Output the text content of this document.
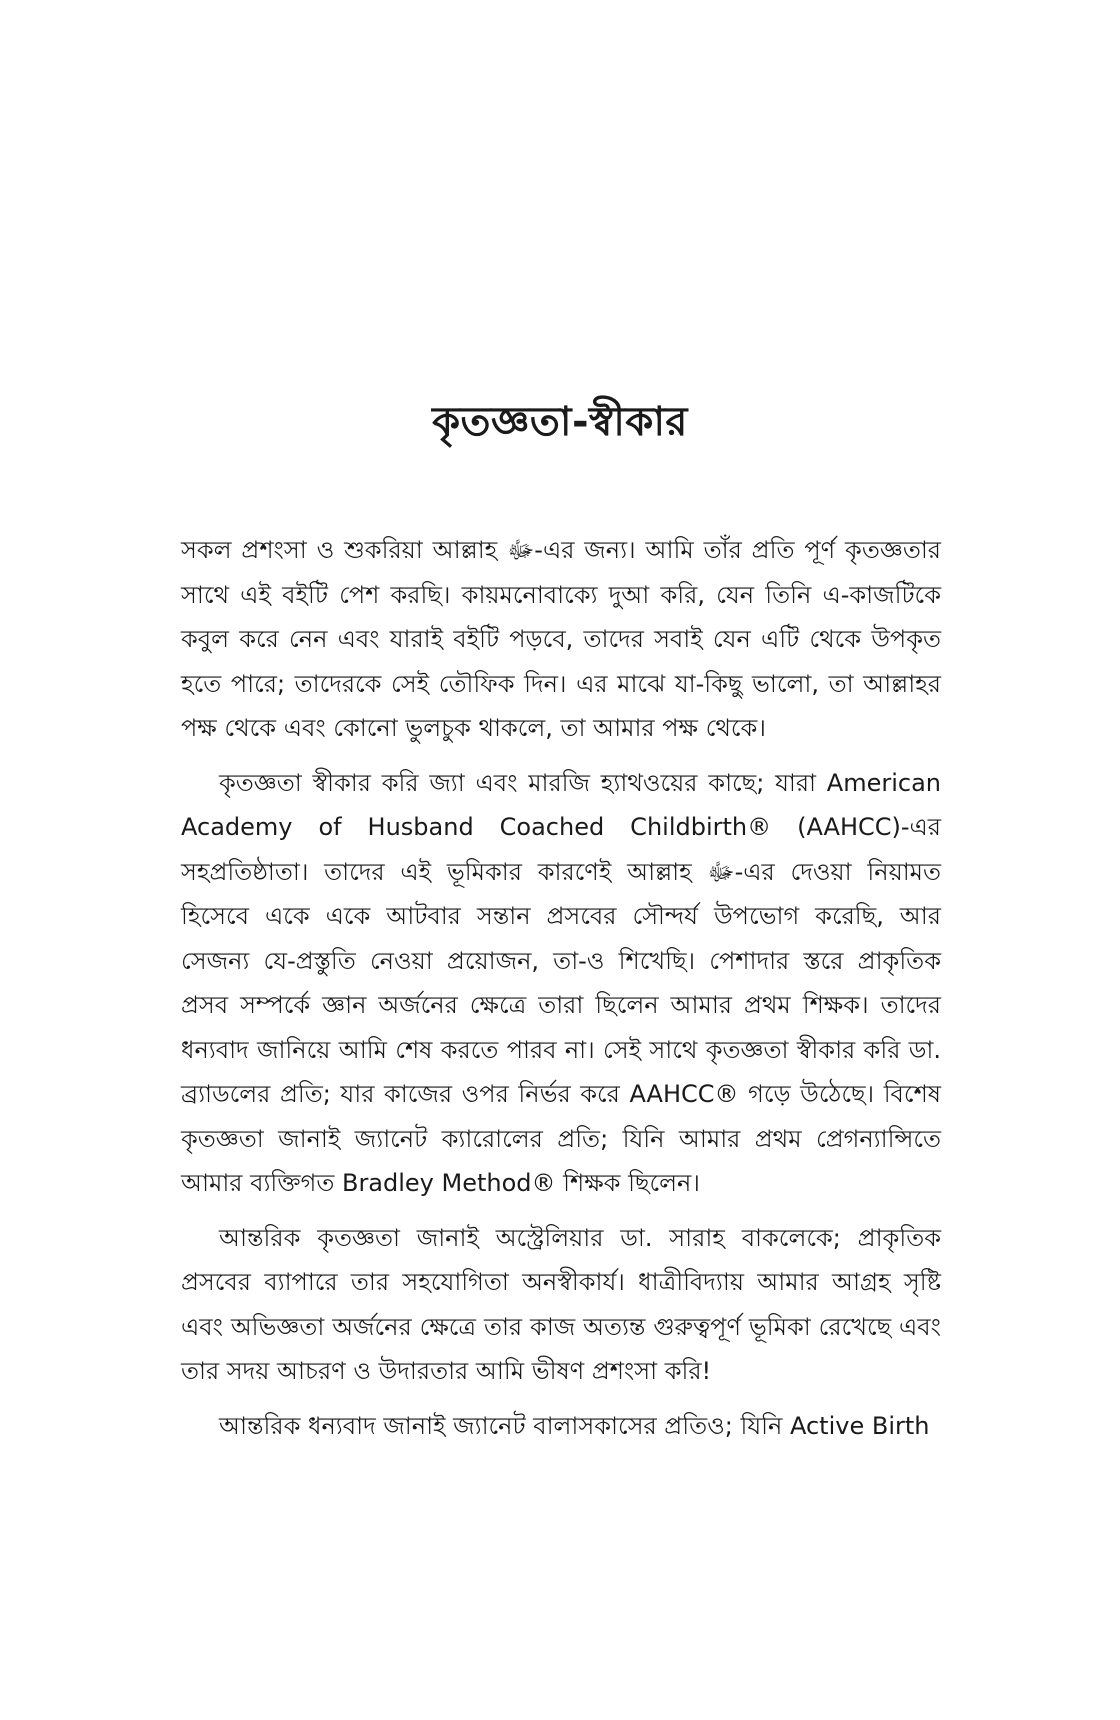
কৃতজ্ঞতা-স্বীকার

সকল প্রশংসা ও শুকরিয়া আল্লাহ ﷻ-এর জন্য। আমি তাঁর প্রতি পূর্ণ কৃতজ্ঞতার সাথে এই বইটি পেশ করছি। কায়মনোবাক্যে দুআ করি, যেন তিনি এ-কাজটিকে কবুল করে নেন এবং যারাই বইটি পড়বে, তাদের সবাই যেন এটি থেকে উপকৃত হতে পারে; তাদেরকে সেই তৌফিক দিন। এর মাঝে যা-কিছু ভালো, তা আল্লাহর পক্ষ থেকে এবং কোনো ভুলচুক থাকলে, তা আমার পক্ষ থেকে।

কৃতজ্ঞতা স্বীকার করি জ্যা এবং মারজি হ্যাথওয়ের কাছে; যারা American Academy of Husband Coached Childbirth® (AAHCC)-এর সহপ্রতিষ্ঠাতা। তাদের এই ভূমিকার কারণেই আল্লাহ ﷻ-এর দেওয়া নিয়ামত হিসেবে একে একে আটবার সন্তান প্রসবের সৌন্দর্য উপভোগ করেছি, আর সেজন্য যে-প্রস্তুতি নেওয়া প্রয়োজন, তা-ও শিখেছি। পেশাদার স্তরে প্রাকৃতিক প্রসব সম্পর্কে জ্ঞান অর্জনের ক্ষেত্রে তারা ছিলেন আমার প্রথম শিক্ষক। তাদের ধন্যবাদ জানিয়ে আমি শেষ করতে পারব না। সেই সাথে কৃতজ্ঞতা স্বীকার করি ডা. ব্র্যাডলের প্রতি; যার কাজের ওপর নির্ভর করে AAHCC® গড়ে উঠেছে। বিশেষ কৃতজ্ঞতা জানাই জ্যানেট ক্যারোলের প্রতি; যিনি আমার প্রথম প্রেগন্যান্সিতে আমার ব্যক্তিগত Bradley Method® শিক্ষক ছিলেন।

আন্তরিক কৃতজ্ঞতা জানাই অস্ট্রেলিয়ার ডা. সারাহ বাকলেকে; প্রাকৃতিক প্রসবের ব্যাপারে তার সহযোগিতা অনস্বীকার্য। ধাত্রীবিদ্যায় আমার আগ্রহ সৃষ্টি এবং অভিজ্ঞতা অর্জনের ক্ষেত্রে তার কাজ অত্যন্ত গুরুত্বপূর্ণ ভূমিকা রেখেছে এবং তার সদয় আচরণ ও উদারতার আমি ভীষণ প্রশংসা করি!

আন্তরিক ধন্যবাদ জানাই জ্যানেট বালাসকাসের প্রতিও; যিনি Active Birth
